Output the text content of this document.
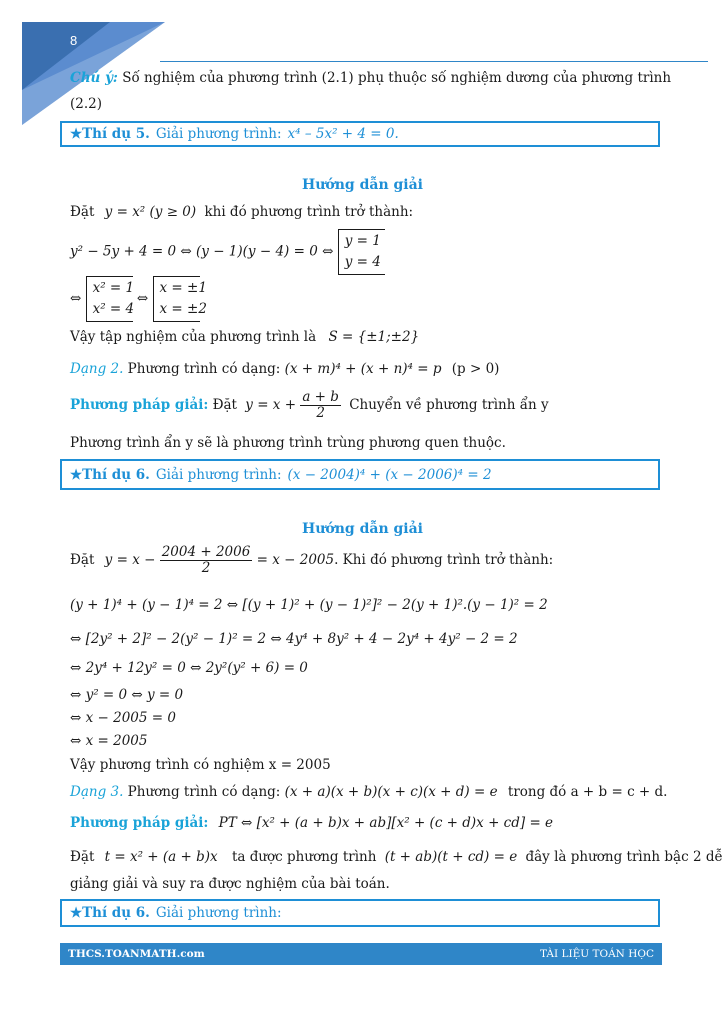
8
Chú ý: Số nghiệm của phương trình (2.1) phụ thuộc số nghiệm dương của phương trình
(2.2)
★Thí dụ 5. Giải phương trình: x⁴ – 5x² + 4 = 0.
Hướng dẫn giải
Đặt y = x² (y ≥ 0) khi đó phương trình trở thành:
y² − 5y + 4 = 0 ⇔ (y − 1)(y − 4) = 0 ⇔
y = 1
y = 4
⇔
x² = 1
x² = 4
⇔
x = ±1
x = ±2
Vậy tập nghiệm của phương trình là S = {±1;±2}
Dạng 2. Phương trình có dạng: (x + m)⁴ + (x + n)⁴ = p (p > 0)
Phương pháp giải: Đặt $y = x + \frac{a + b}{2}$ Chuyển về phương trình ẩn y
Phương trình ẩn y sẽ là phương trình trùng phương quen thuộc.
★Thí dụ 6. Giải phương trình: (x − 2004)⁴ + (x − 2006)⁴ = 2
Hướng dẫn giải
Đặt $y = x - \frac{2004 + 2006}{2} = x - 2005$. Khi đó phương trình trở thành:
(y + 1)⁴ + (y − 1)⁴ = 2 ⇔ [(y + 1)² + (y − 1)²]² − 2(y + 1)².(y − 1)² = 2
⇔ [2y² + 2]² − 2(y² − 1)² = 2 ⇔ 4y⁴ + 8y² + 4 − 2y⁴ + 4y² − 2 = 2
⇔ 2y⁴ + 12y² = 0 ⇔ 2y²(y² + 6) = 0
⇔ y² = 0 ⇔ y = 0
⇔ x − 2005 = 0
⇔ x = 2005
Vậy phương trình có nghiệm x = 2005
Dạng 3. Phương trình có dạng: (x + a)(x + b)(x + c)(x + d) = e trong đó a + b = c + d.
Phương pháp giải: PT ⇔ [x² + (a + b)x + ab][x² + (c + d)x + cd] = e
Đặt t = x² + (a + b)x ta được phương trình (t + ab)(t + cd) = e đây là phương trình bậc 2 dễ
giảng giải và suy ra được nghiệm của bài toán.
★Thí dụ 6. Giải phương trình:
THCS.TOANMATH.com	TÀI LIỆU TOÁN HỌC
